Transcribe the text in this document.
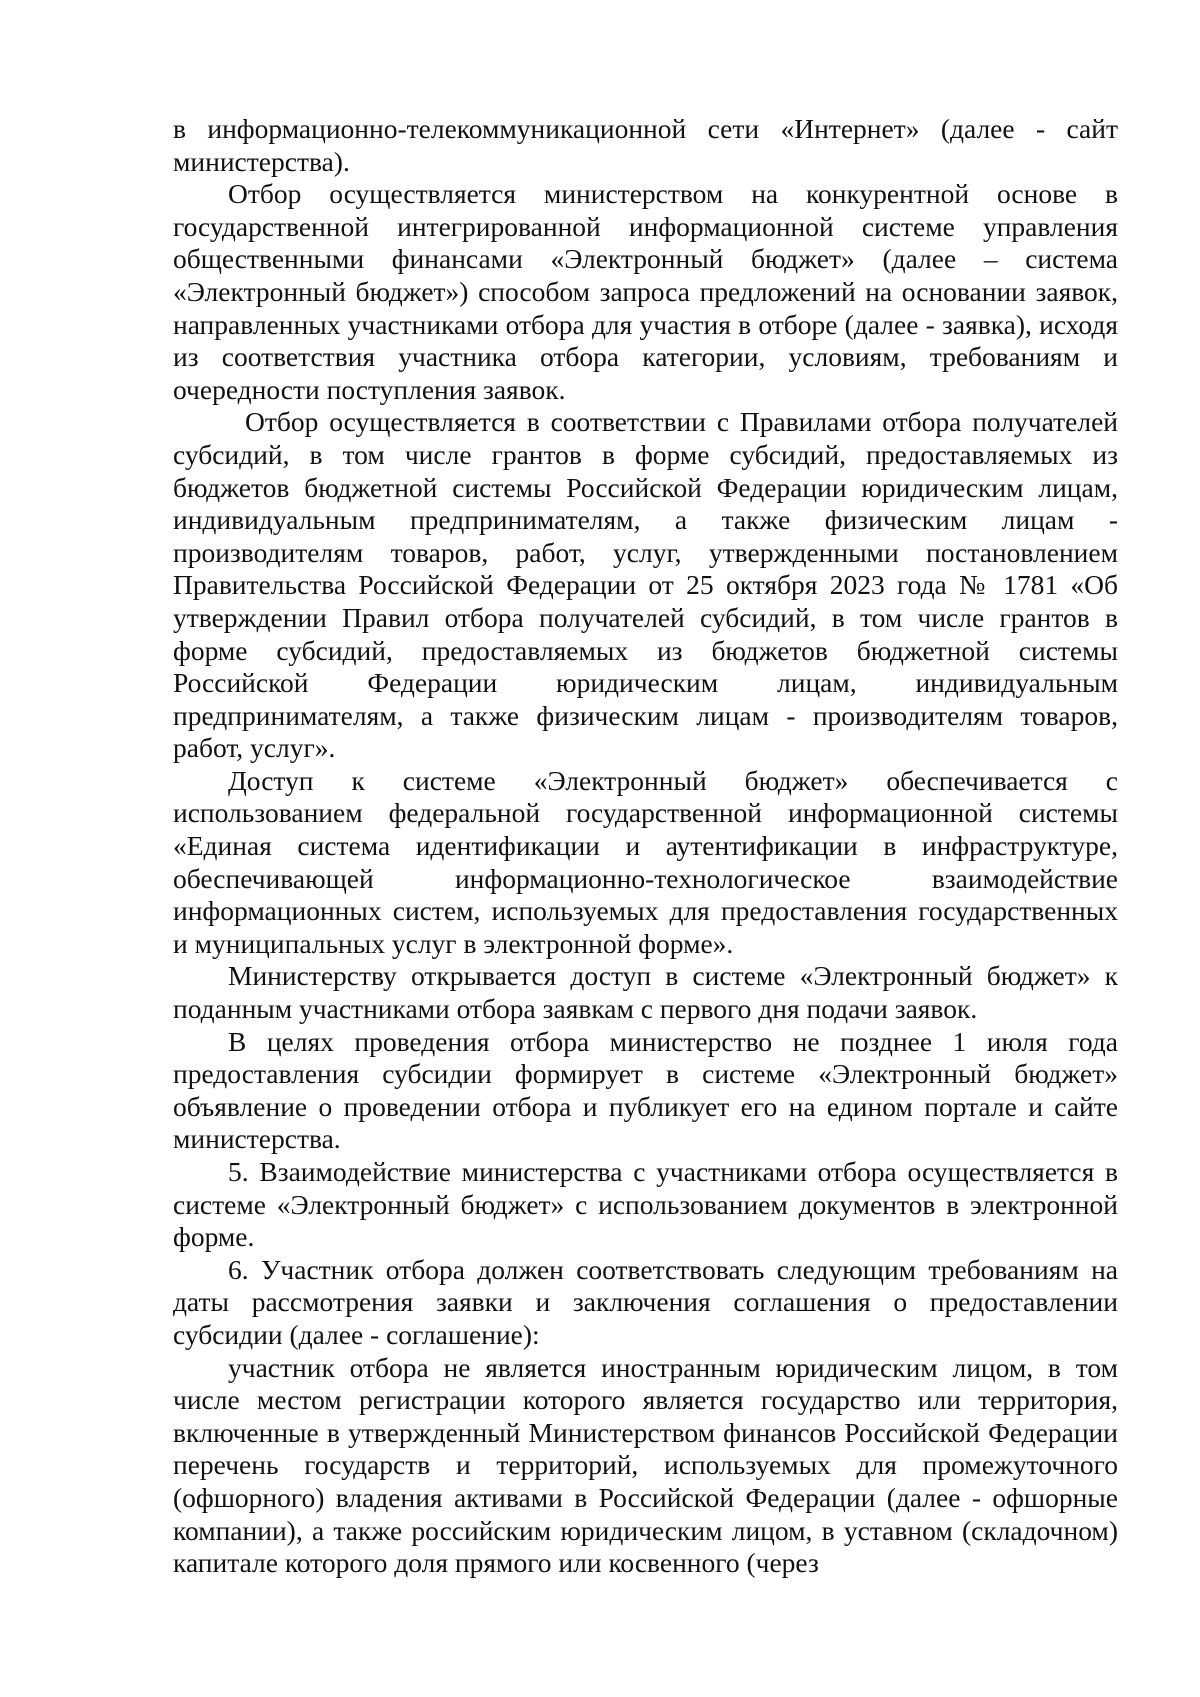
в информационно-телекоммуникационной сети «Интернет» (далее - сайт министерства).

Отбор осуществляется министерством на конкурентной основе в государственной интегрированной информационной системе управления общественными финансами «Электронный бюджет» (далее – система «Электронный бюджет») способом запроса предложений на основании заявок, направленных участниками отбора для участия в отборе (далее - заявка), исходя из соответствия участника отбора категории, условиям, требованиям и очередности поступления заявок.

Отбор осуществляется в соответствии с Правилами отбора получателей субсидий, в том числе грантов в форме субсидий, предоставляемых из бюджетов бюджетной системы Российской Федерации юридическим лицам, индивидуальным предпринимателям, а также физическим лицам - производителям товаров, работ, услуг, утвержденными постановлением Правительства Российской Федерации от 25 октября 2023 года № 1781 «Об утверждении Правил отбора получателей субсидий, в том числе грантов в форме субсидий, предоставляемых из бюджетов бюджетной системы Российской Федерации юридическим лицам, индивидуальным предпринимателям, а также физическим лицам - производителям товаров, работ, услуг».

Доступ к системе «Электронный бюджет» обеспечивается с использованием федеральной государственной информационной системы «Единая система идентификации и аутентификации в инфраструктуре, обеспечивающей информационно-технологическое взаимодействие информационных систем, используемых для предоставления государственных и муниципальных услуг в электронной форме».

Министерству открывается доступ в системе «Электронный бюджет» к поданным участниками отбора заявкам с первого дня подачи заявок.

В целях проведения отбора министерство не позднее 1 июля года предоставления субсидии формирует в системе «Электронный бюджет» объявление о проведении отбора и публикует его на едином портале и сайте министерства.

5. Взаимодействие министерства с участниками отбора осуществляется в системе «Электронный бюджет» с использованием документов в электронной форме.

6. Участник отбора должен соответствовать следующим требованиям на даты рассмотрения заявки и заключения соглашения о предоставлении субсидии (далее - соглашение):

участник отбора не является иностранным юридическим лицом, в том числе местом регистрации которого является государство или территория, включенные в утвержденный Министерством финансов Российской Федерации перечень государств и территорий, используемых для промежуточного (офшорного) владения активами в Российской Федерации (далее - офшорные компании), а также российским юридическим лицом, в уставном (складочном) капитале которого доля прямого или косвенного (через
